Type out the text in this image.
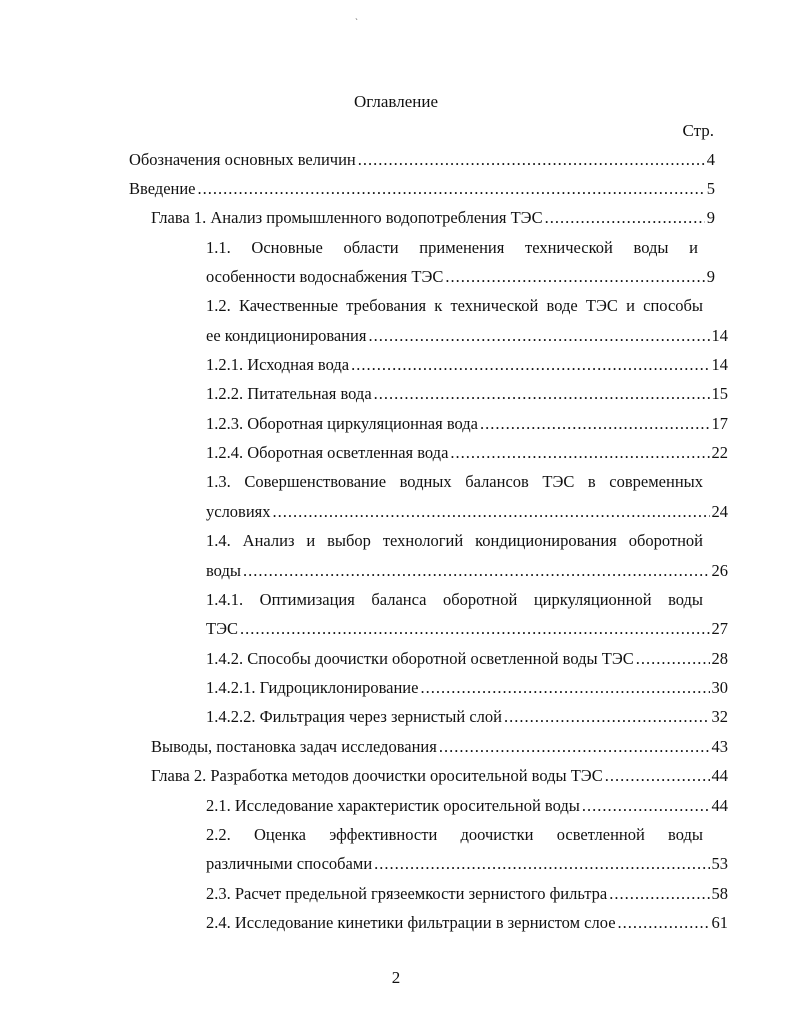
ˏ
Оглавление
Стр.
Обозначения основных величин .....	4
Введение .....	5
Глава 1. Анализ промышленного водопотребления ТЭС .....	9
1.1. Основные области применения технической воды и
особенности водоснабжения ТЭС .....	9
1.2. Качественные требования к технической воде ТЭС и способы
ее кондиционирования .....	14
1.2.1. Исходная вода .....	14
1.2.2. Питательная вода .....	15
1.2.3. Оборотная циркуляционная вода .....	17
1.2.4. Оборотная осветленная вода .....	22
1.3. Совершенствование водных балансов ТЭС в современных
условиях .....	24
1.4. Анализ и выбор технологий кондиционирования оборотной
воды .....	26
1.4.1. Оптимизация баланса оборотной циркуляционной воды
ТЭС .....	27
1.4.2. Способы доочистки оборотной осветленной воды ТЭС .....	28
1.4.2.1. Гидроциклонирование .....	30
1.4.2.2. Фильтрация через зернистый слой .....	32
Выводы, постановка задач исследования .....	43
Глава 2. Разработка методов доочистки оросительной воды ТЭС .....	44
2.1. Исследование характеристик оросительной воды .....	44
2.2. Оценка эффективности доочистки осветленной воды
различными способами .....	53
2.3. Расчет предельной грязеемкости зернистого фильтра .....	58
2.4. Исследование кинетики фильтрации в зернистом слое .....	61
2
